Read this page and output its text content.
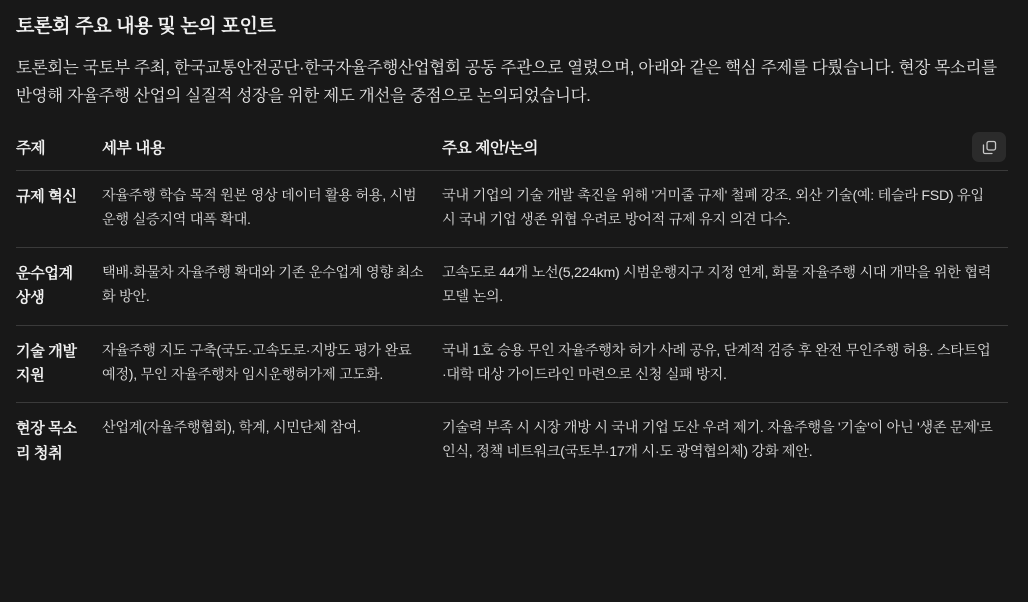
토론회 주요 내용 및 논의 포인트

토론회는 국토부 주최, 한국교통안전공단·한국자율주행산업협회 공동 주관으로 열렸으며, 아래와 같은 핵심 주제를 다뤘습니다. 현장 목소리를 반영해 자율주행 산업의 실질적 성장을 위한 제도 개선을 중점으로 논의되었습니다.

주제	세부 내용	주요 제안/논의
규제 혁신	자율주행 학습 목적 원본 영상 데이터 활용 허용, 시범운행 실증지역 대폭 확대.	국내 기업의 기술 개발 촉진을 위해 '거미줄 규제' 철폐 강조. 외산 기술(예: 테슬라 FSD) 유입 시 국내 기업 생존 위협 우려로 방어적 규제 유지 의견 다수.
운수업계 상생	택배·화물차 자율주행 확대와 기존 운수업계 영향 최소화 방안.	고속도로 44개 노선(5,224km) 시범운행지구 지정 연계, 화물 자율주행 시대 개막을 위한 협력 모델 논의.
기술 개발 지원	자율주행 지도 구축(국도·고속도로·지방도 평가 완료 예정), 무인 자율주행차 임시운행허가제 고도화.	국내 1호 승용 무인 자율주행차 허가 사례 공유, 단계적 검증 후 완전 무인주행 허용. 스타트업·대학 대상 가이드라인 마련으로 신청 실패 방지.
현장 목소리 청취	산업계(자율주행협회), 학계, 시민단체 참여.	기술력 부족 시 시장 개방 시 국내 기업 도산 우려 제기. 자율주행을 '기술'이 아닌 '생존 문제'로 인식, 정책 네트워크(국토부·17개 시·도 광역협의체) 강화 제안.
